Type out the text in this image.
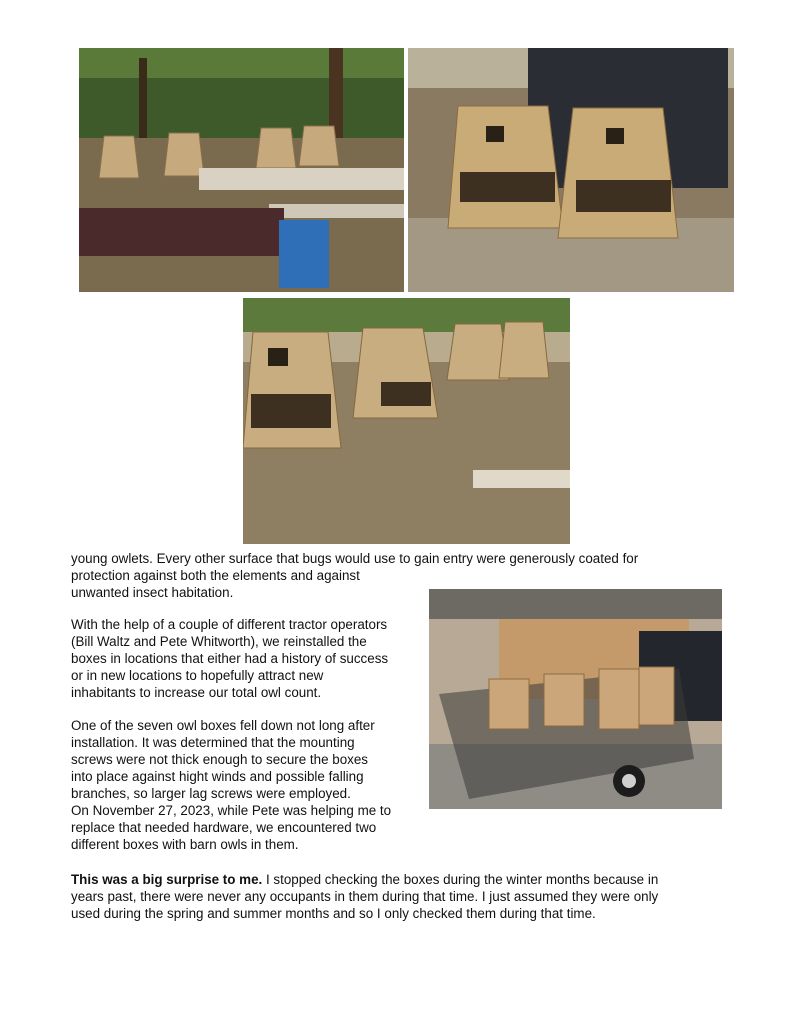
young owlets. Every other surface that bugs would use to gain entry were generously coated for

protection against both the elements and against
unwanted insect habitation.

With the help of a couple of different tractor operators
(Bill Waltz and Pete Whitworth), we reinstalled the
boxes in locations that either had a history of success
or in new locations to hopefully attract new
inhabitants to increase our total owl count.

One of the seven owl boxes fell down not long after
installation. It was determined that the mounting
screws were not thick enough to secure the boxes
into place against hight winds and possible falling
branches, so larger lag screws were employed.
On November 27, 2023, while Pete was helping me to
replace that needed hardware, we encountered two
different boxes with barn owls in them.

This was a big surprise to me. I stopped checking the boxes during the winter months because in
years past, there were never any occupants in them during that time. I just assumed they were only
used during the spring and summer months and so I only checked them during that time.
